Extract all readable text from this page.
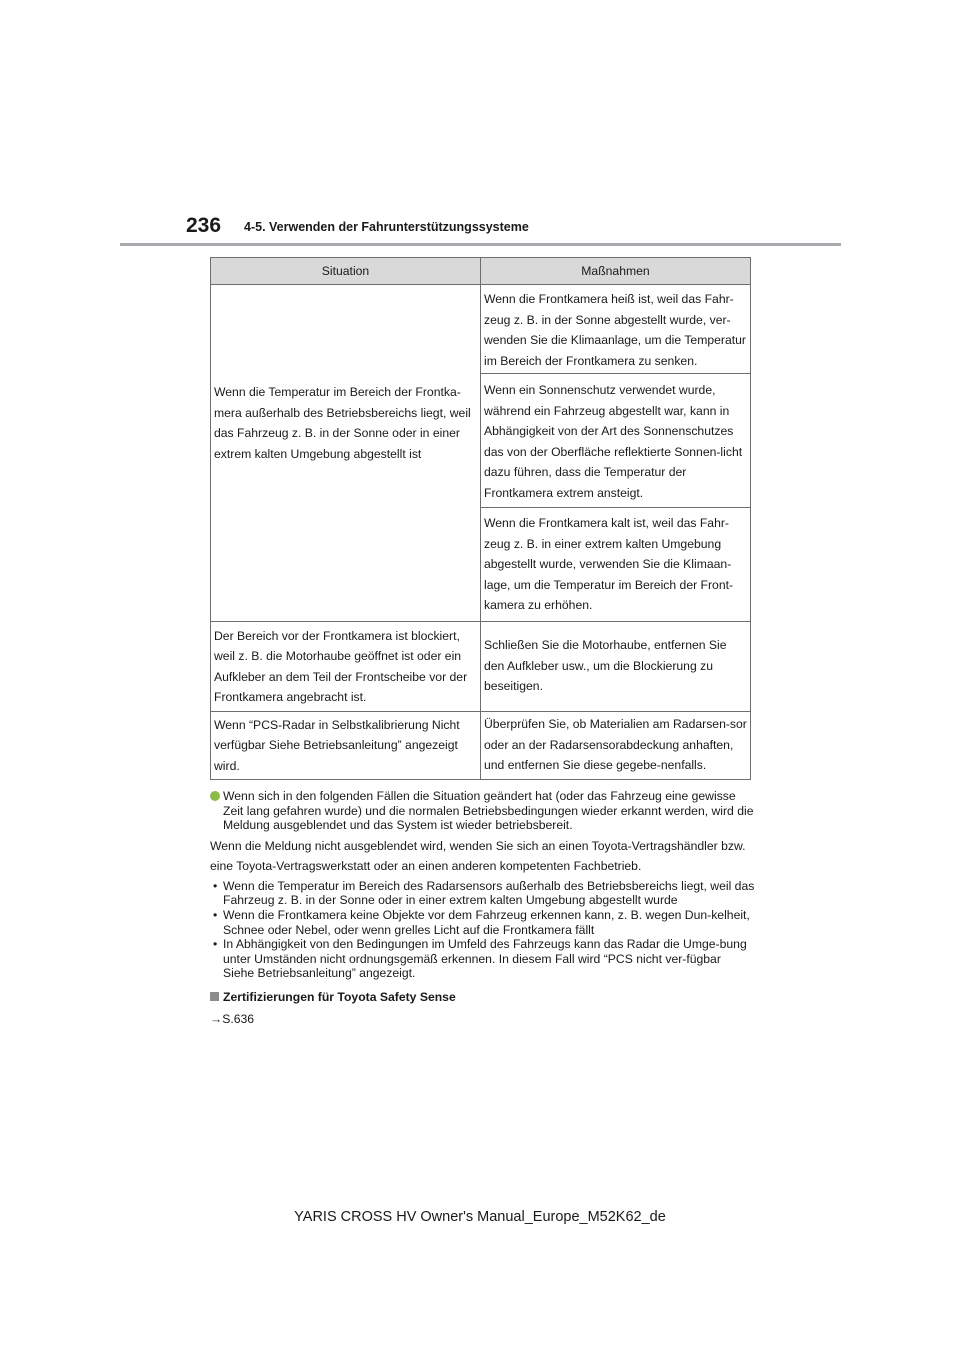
236 4-5. Verwenden der Fahrunterstützungssysteme
Situation	Maßnahmen
Wenn die Temperatur im Bereich der Frontka-mera außerhalb des Betriebsbereichs liegt, weil das Fahrzeug z. B. in der Sonne oder in einer extrem kalten Umgebung abgestellt ist	Wenn die Frontkamera heiß ist, weil das Fahr-zeug z. B. in der Sonne abgestellt wurde, ver-wenden Sie die Klimaanlage, um die Temperatur im Bereich der Frontkamera zu senken.
	Wenn ein Sonnenschutz verwendet wurde, während ein Fahrzeug abgestellt war, kann in Abhängigkeit von der Art des Sonnenschutzes das von der Oberfläche reflektierte Sonnen-licht dazu führen, dass die Temperatur der Frontkamera extrem ansteigt.
	Wenn die Frontkamera kalt ist, weil das Fahr-zeug z. B. in einer extrem kalten Umgebung abgestellt wurde, verwenden Sie die Klimaan-lage, um die Temperatur im Bereich der Front-kamera zu erhöhen.
Der Bereich vor der Frontkamera ist blockiert, weil z. B. die Motorhaube geöffnet ist oder ein Aufkleber an dem Teil der Frontscheibe vor der Frontkamera angebracht ist.	Schließen Sie die Motorhaube, entfernen Sie den Aufkleber usw., um die Blockierung zu beseitigen.
Wenn “PCS-Radar in Selbstkalibrierung Nicht verfügbar Siehe Betriebsanleitung” angezeigt wird.	Überprüfen Sie, ob Materialien am Radarsen-sor oder an der Radarsensorabdeckung anhaften, und entfernen Sie diese gegebe-nenfalls.
Wenn sich in den folgenden Fällen die Situation geändert hat (oder das Fahrzeug eine gewisse Zeit lang gefahren wurde) und die normalen Betriebsbedingungen wieder erkannt werden, wird die Meldung ausgeblendet und das System ist wieder betriebsbereit.
Wenn die Meldung nicht ausgeblendet wird, wenden Sie sich an einen Toyota-Vertragshändler bzw. eine Toyota-Vertragswerkstatt oder an einen anderen kompetenten Fachbetrieb.
• Wenn die Temperatur im Bereich des Radarsensors außerhalb des Betriebsbereichs liegt, weil das Fahrzeug z. B. in der Sonne oder in einer extrem kalten Umgebung abgestellt wurde
• Wenn die Frontkamera keine Objekte vor dem Fahrzeug erkennen kann, z. B. wegen Dun-kelheit, Schnee oder Nebel, oder wenn grelles Licht auf die Frontkamera fällt
• In Abhängigkeit von den Bedingungen im Umfeld des Fahrzeugs kann das Radar die Umge-bung unter Umständen nicht ordnungsgemäß erkennen. In diesem Fall wird “PCS nicht ver-fügbar Siehe Betriebsanleitung” angezeigt.
Zertifizierungen für Toyota Safety Sense
→S.636
YARIS CROSS HV Owner's Manual_Europe_M52K62_de
